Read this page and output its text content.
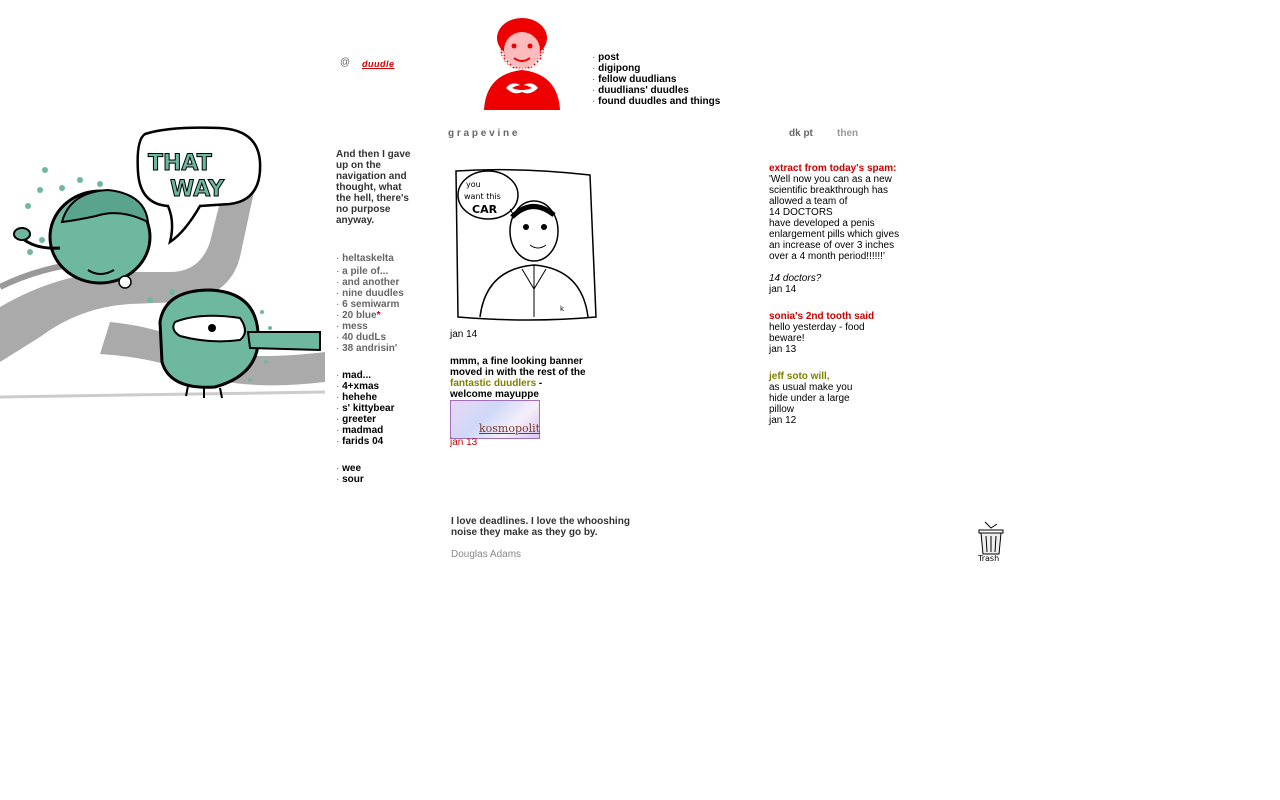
@ duudle
· post
· digipong
· fellow duudlians
· duudlians' duudles
· found duudles and things
THAT
WAY
And then I gave up on the navigation and thought, what the hell, there's no purpose anyway.
· heltaskelta
· a pile of...
· and another
· nine duudles
· 6 semiwarm
· 20 blue*
· mess
· 40 dudLs
· 38 andrisin'
· mad...
· 4+xmas
· hehehe
· s' kittybear
· greeter
· madmad
· farids 04
· wee
· sour
g r a p e v i n e
you
want this
CAR
k
jan 14
mmm, a fine looking banner moved in with the rest of the
fantastic duudlers -
welcome mayuppe
kosmopolit
jan 13
dk pt then
extract from today's spam:
'Well now you can as a new scientific breakthrough has allowed a team of
14 DOCTORS
have developed a penis enlargement pills which gives an increase of over 3 inches over a 4 month period!!!!!!'
14 doctors?
jan 14
sonia's 2nd tooth said
hello yesterday - food beware!
jan 13
jeff soto will,
as usual make you hide under a large pillow
jan 12
I love deadlines. I love the whooshing noise they make as they go by.
Douglas Adams	Trash
